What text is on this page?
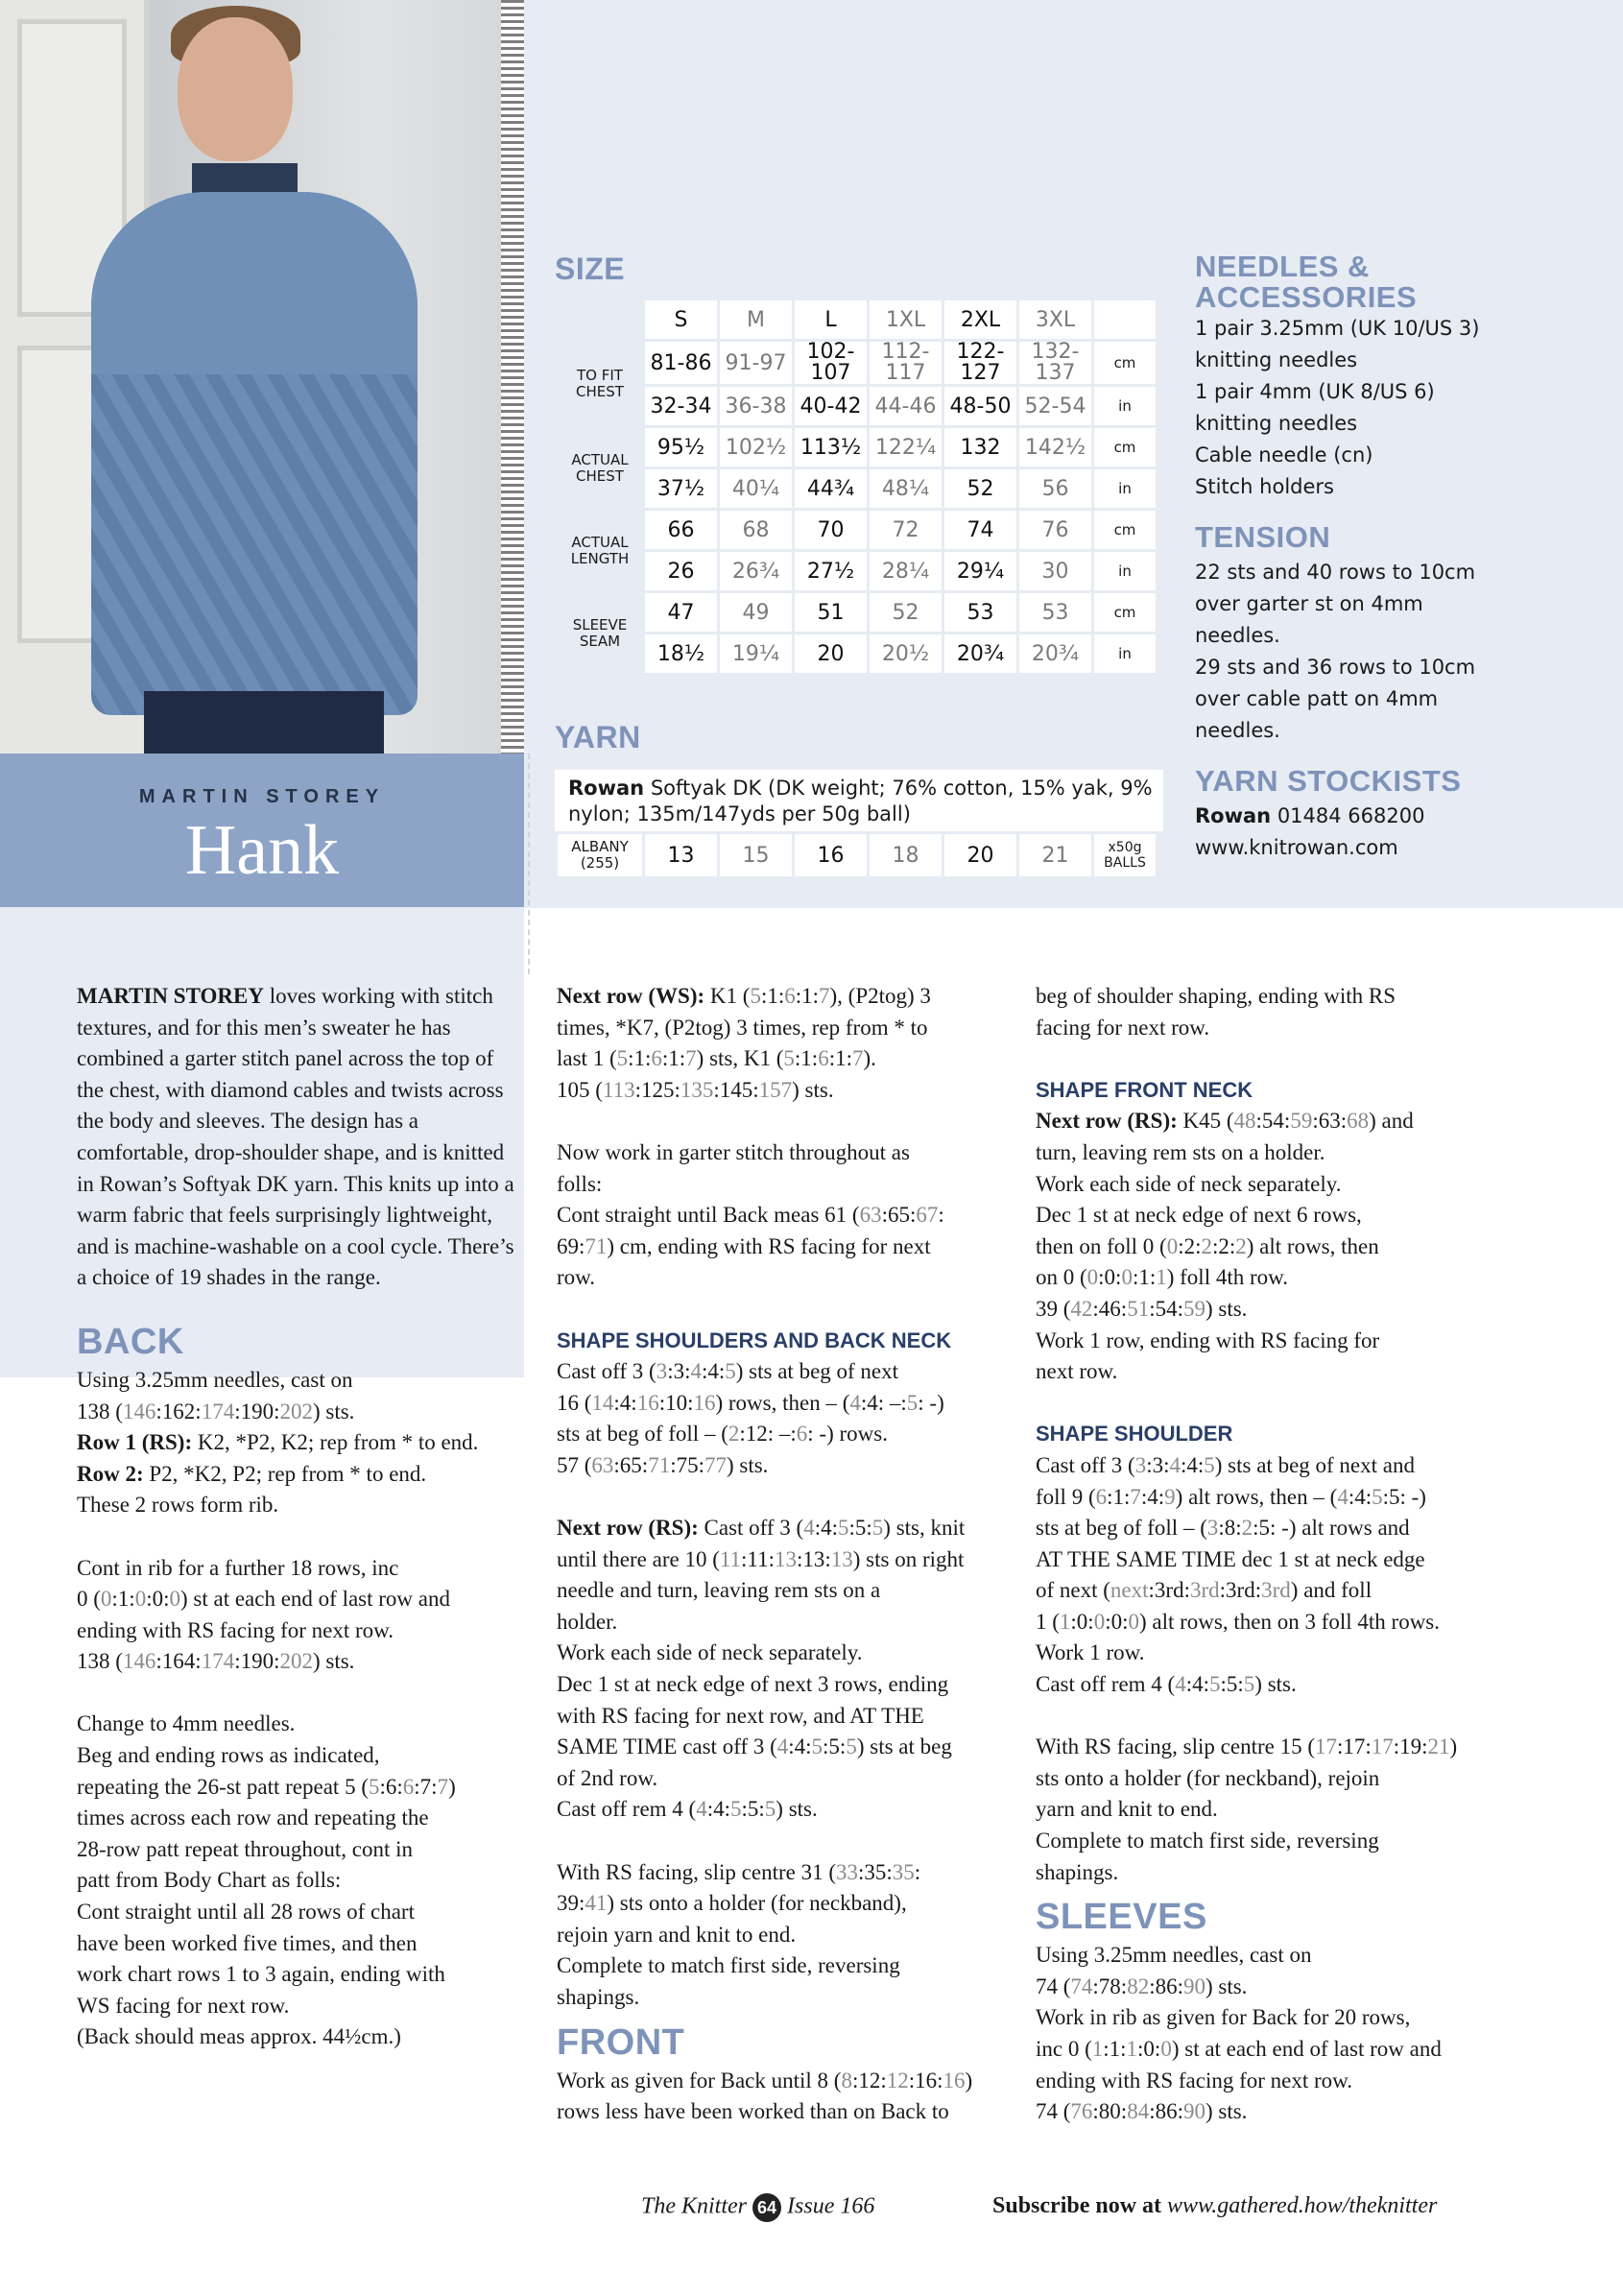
MARTIN STOREY
Hank
SIZE
	S	M	L	1XL	2XL	3XL	
TO FIT CHEST	81-86	91-97	102-107	112-117	122-127	132-137	cm
	32-34	36-38	40-42	44-46	48-50	52-54	in
ACTUAL CHEST	95½	102½	113½	122¼	132	142½	cm
	37½	40¼	44¾	48¼	52	56	in
ACTUAL LENGTH	66	68	70	72	74	76	cm
	26	26¾	27½	28¼	29¼	30	in
SLEEVE SEAM	47	49	51	52	53	53	cm
	18½	19¼	20	20½	20¾	20¾	in
YARN
Rowan Softyak DK (DK weight; 76% cotton, 15% yak, 9% nylon; 135m/147yds per 50g ball)
ALBANY (255)	13	15	16	18	20	21	x50g BALLS
NEEDLES & ACCESSORIES
1 pair 3.25mm (UK 10/US 3) knitting needles
1 pair 4mm (UK 8/US 6) knitting needles
Cable needle (cn)
Stitch holders
TENSION
22 sts and 40 rows to 10cm over garter st on 4mm needles.
29 sts and 36 rows to 10cm over cable patt on 4mm needles.
YARN STOCKISTS
Rowan 01484 668200
www.knitrowan.com

MARTIN STOREY loves working with stitch textures, and for this men’s sweater he has combined a garter stitch panel across the top of the chest, with diamond cables and twists across the body and sleeves. The design has a comfortable, drop-shoulder shape, and is knitted in Rowan’s Softyak DK yarn. This knits up into a warm fabric that feels surprisingly lightweight, and is machine-washable on a cool cycle. There’s a choice of 19 shades in the range.

BACK

Using 3.25mm needles, cast on
138 (146:162:174:190:202) sts.
Row 1 (RS): K2, *P2, K2; rep from * to end.
Row 2: P2, *K2, P2; rep from * to end.
These 2 rows form rib.

Cont in rib for a further 18 rows, inc
0 (0:1:0:0:0) st at each end of last row and
ending with RS facing for next row.
138 (146:164:174:190:202) sts.

Change to 4mm needles.
Beg and ending rows as indicated,
repeating the 26-st patt repeat 5 (5:6:6:7:7)
times across each row and repeating the
28-row patt repeat throughout, cont in
patt from Body Chart as folls:
Cont straight until all 28 rows of chart
have been worked five times, and then
work chart rows 1 to 3 again, ending with
WS facing for next row.
(Back should meas approx. 44½cm.)

Next row (WS): K1 (5:1:6:1:7), (P2tog) 3
times, *K7, (P2tog) 3 times, rep from * to
last 1 (5:1:6:1:7) sts, K1 (5:1:6:1:7).
105 (113:125:135:145:157) sts.

Now work in garter stitch throughout as
folls:
Cont straight until Back meas 61 (63:65:67:
69:71) cm, ending with RS facing for next
row.

SHAPE SHOULDERS AND BACK NECK

Cast off 3 (3:3:4:4:5) sts at beg of next
16 (14:4:16:10:16) rows, then – (4:4: –:5: -)
sts at beg of foll – (2:12: –:6: -) rows.
57 (63:65:71:75:77) sts.

Next row (RS): Cast off 3 (4:4:5:5:5) sts, knit
until there are 10 (11:11:13:13:13) sts on right
needle and turn, leaving rem sts on a
holder.
Work each side of neck separately.
Dec 1 st at neck edge of next 3 rows, ending
with RS facing for next row, and AT THE
SAME TIME cast off 3 (4:4:5:5:5) sts at beg
of 2nd row.
Cast off rem 4 (4:4:5:5:5) sts.

With RS facing, slip centre 31 (33:35:35:
39:41) sts onto a holder (for neckband),
rejoin yarn and knit to end.
Complete to match first side, reversing
shapings.

FRONT

Work as given for Back until 8 (8:12:12:16:16)
rows less have been worked than on Back to

beg of shoulder shaping, ending with RS
facing for next row.

SHAPE FRONT NECK

Next row (RS): K45 (48:54:59:63:68) and
turn, leaving rem sts on a holder.
Work each side of neck separately.
Dec 1 st at neck edge of next 6 rows,
then on foll 0 (0:2:2:2:2) alt rows, then
on 0 (0:0:0:1:1) foll 4th row.
39 (42:46:51:54:59) sts.
Work 1 row, ending with RS facing for
next row.

SHAPE SHOULDER

Cast off 3 (3:3:4:4:5) sts at beg of next and
foll 9 (6:1:7:4:9) alt rows, then – (4:4:5:5: -)
sts at beg of foll – (3:8:2:5: -) alt rows and
AT THE SAME TIME dec 1 st at neck edge
of next (next:3rd:3rd:3rd:3rd) and foll
1 (1:0:0:0:0) alt rows, then on 3 foll 4th rows.
Work 1 row.
Cast off rem 4 (4:4:5:5:5) sts.

With RS facing, slip centre 15 (17:17:17:19:21)
sts onto a holder (for neckband), rejoin
yarn and knit to end.
Complete to match first side, reversing
shapings.

SLEEVES

Using 3.25mm needles, cast on
74 (74:78:82:86:90) sts.
Work in rib as given for Back for 20 rows,
inc 0 (1:1:1:0:0) st at each end of last row and
ending with RS facing for next row.
74 (76:80:84:86:90) sts.

The Knitter 64 Issue 166	Subscribe now at www.gathered.how/theknitter
